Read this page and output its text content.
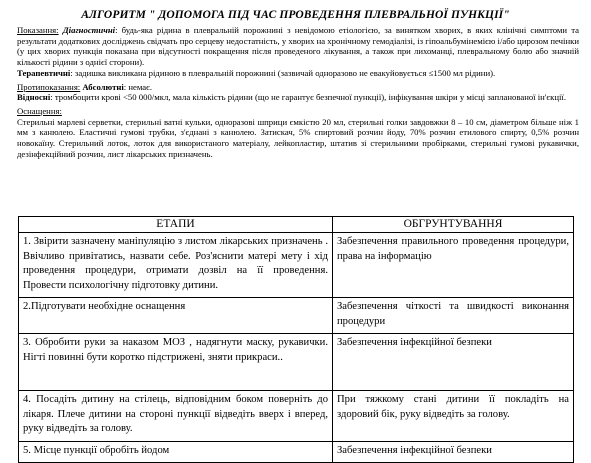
АЛГОРИТМ " ДОПОМОГА ПІД ЧАС ПРОВЕДЕННЯ ПЛЕВРАЛЬНОЇ ПУНКЦІЇ"

Показання: Діагностичні: будь-яка рідина в плевральній порожнині з невідомою етіологією, за винятком хворих, в яких клінічні симптоми та результати додаткових досліджень свідчать про серцеву недостатність, у хворих на хронічному гемодіалізі, із гіпоальбумінемією і/або цирозом печінки (у цих хворих пункція показана при відсутності покращення після проведеного лікування, а також при лихоманці, плевральному болю або значній кількості рідини з однієї сторони).

Терапевтичні: задишка викликана рідиною в плевральній порожнині (зазвичай одноразово не евакуйовується ≤1500 мл рідини).

Протипоказання: Абсолютні: немає.

Відносні: тромбоцити крові <50 000/мкл, мала кількість рідини (що не гарантує безпечної пункції), інфікування шкіри у місці запланованої ін'єкції.

Оснащення:
Стерильні марлеві серветки, стерильні ватні кульки, одноразові шприци ємкістю 20 мл, стерильні голки завдовжки 8 – 10 см, діаметром більше ніж 1 мм з канюлею. Еластичні гумові трубки, з'єднані з канюлею. Затискач, 5% спиртовий розчин йоду, 70% розчин етилового спирту, 0,5% розчин новокаїну. Стерильний лоток, лоток для використаного матеріалу, лейкопластир, штатив зі стерильними пробірками, стерильні гумові рукавички, дезінфекційний розчин, лист лікарських призначень.

ЕТАПИ	ОБГРУНТУВАННЯ
1. Звірити зазначену маніпуляцію з листом лікарських призначень . Ввічливо привітатись, назвати себе. Роз'яснити матері мету і хід проведення процедури, отримати дозвіл на її проведення. Провести психологічну підготовку дитини.	Забезпечення правильного проведення процедури, права на інформацію
2.Підготувати необхідне оснащення	Забезпечення чіткості та швидкості виконання процедури
3. Обробити руки за наказом МОЗ , надягнути маску, рукавички. Нігті повинні бути коротко підстрижені, зняти прикраси..	Забезпечення інфекційної безпеки
4. Посадіть дитину на стілець, відповідним боком поверніть до лікаря. Плече дитини на стороні пункції відведіть вверх і вперед, руку відведіть за голову.	При тяжкому стані дитини її покладіть на здоровий бік, руку відведіть за голову.
5. Місце пункції обробіть йодом	Забезпечення інфекційної безпеки
